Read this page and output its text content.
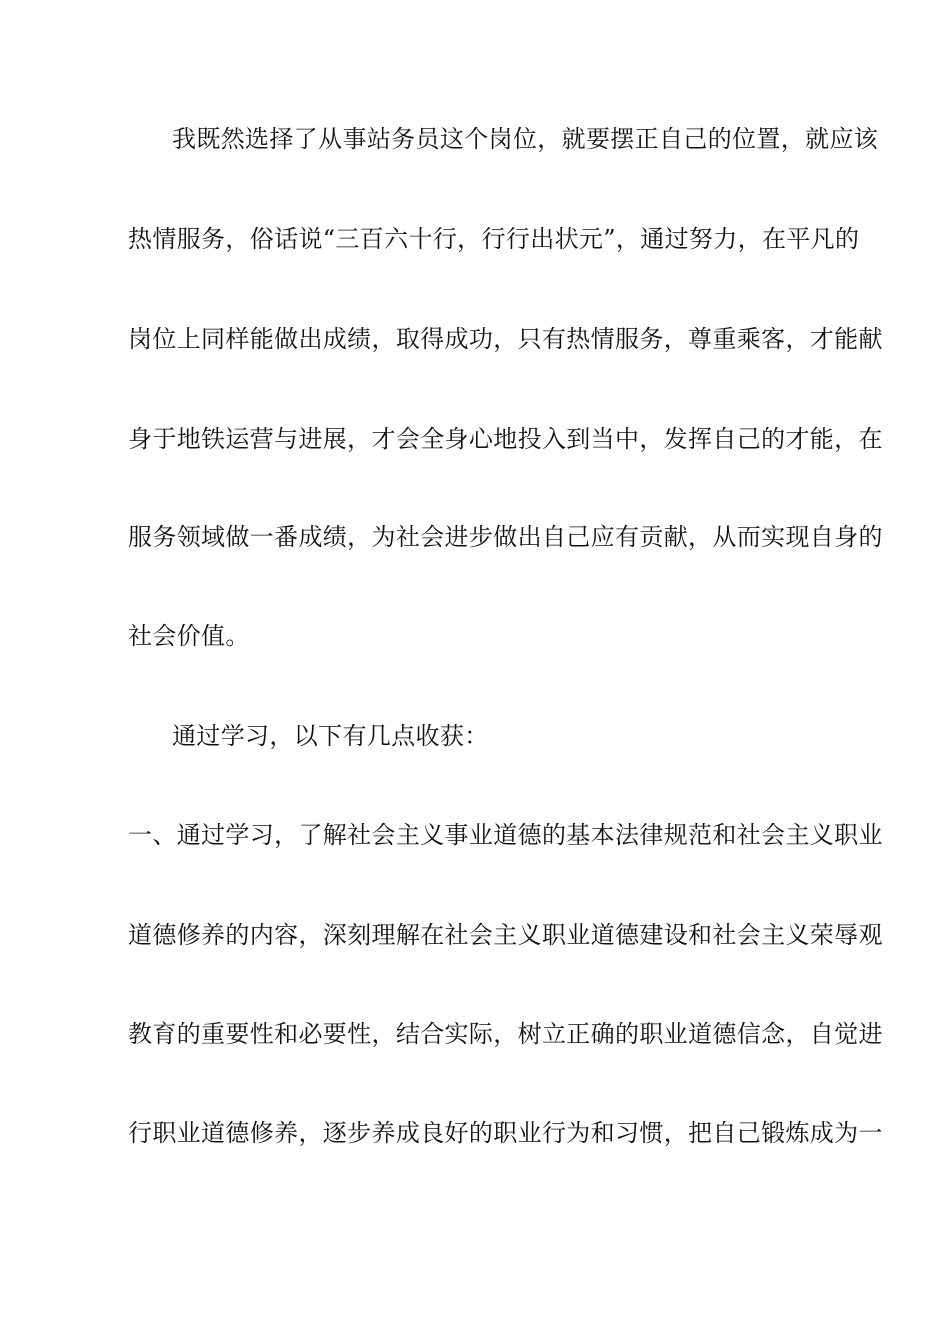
我既然选择了从事站务员这个岗位，就要摆正自己的位置，就应该
热情服务，俗话说“三百六十行，行行出状元”，通过努力，在平凡的
岗位上同样能做出成绩，取得成功，只有热情服务，尊重乘客，才能献
身于地铁运营与进展，才会全身心地投入到当中，发挥自己的才能，在
服务领域做一番成绩，为社会进步做出自己应有贡献，从而实现自身的
社会价值。
通过学习，以下有几点收获：
一、通过学习，了解社会主义事业道德的基本法律规范和社会主义职业
道德修养的内容，深刻理解在社会主义职业道德建设和社会主义荣辱观
教育的重要性和必要性，结合实际，树立正确的职业道德信念，自觉进
行职业道德修养，逐步养成良好的职业行为和习惯，把自己锻炼成为一
